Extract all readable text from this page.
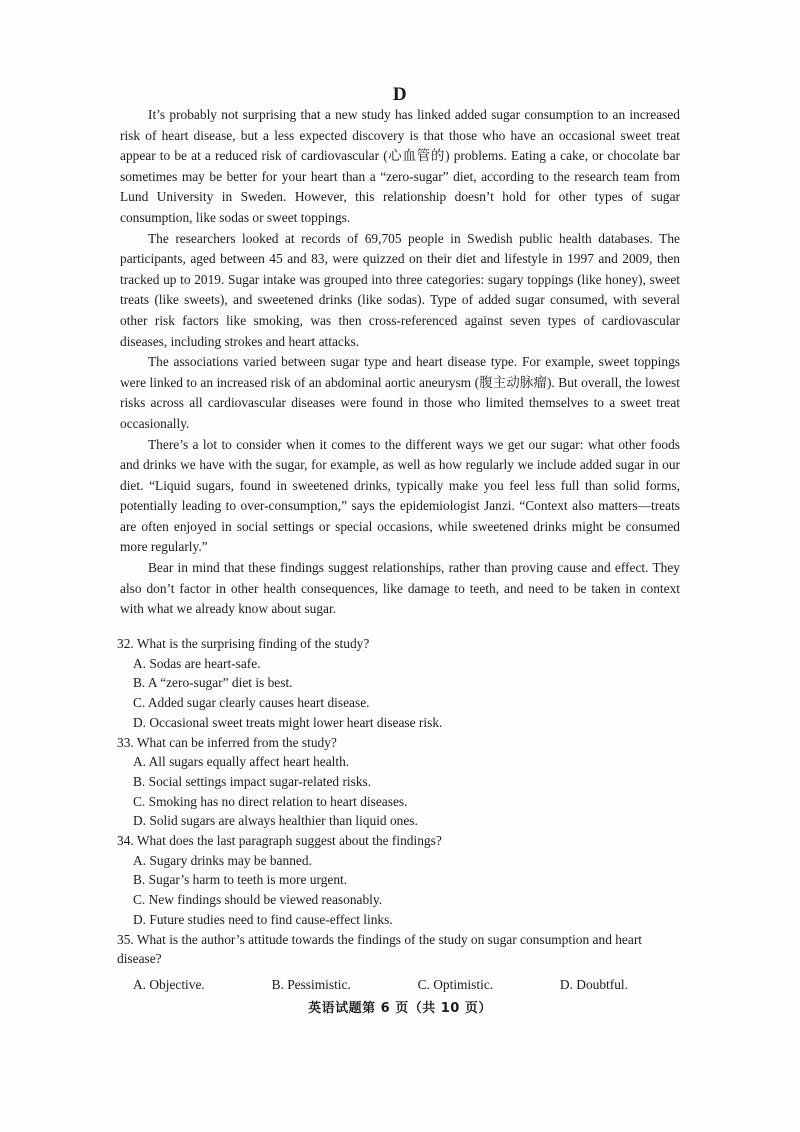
D

It’s probably not surprising that a new study has linked added sugar consumption to an increased risk of heart disease, but a less expected discovery is that those who have an occasional sweet treat appear to be at a reduced risk of cardiovascular (心血管的) problems. Eating a cake, or chocolate bar sometimes may be better for your heart than a “zero-sugar” diet, according to the research team from Lund University in Sweden. However, this relationship doesn’t hold for other types of sugar consumption, like sodas or sweet toppings.

The researchers looked at records of 69,705 people in Swedish public health databases. The participants, aged between 45 and 83, were quizzed on their diet and lifestyle in 1997 and 2009, then tracked up to 2019. Sugar intake was grouped into three categories: sugary toppings (like honey), sweet treats (like sweets), and sweetened drinks (like sodas). Type of added sugar consumed, with several other risk factors like smoking, was then cross-referenced against seven types of cardiovascular diseases, including strokes and heart attacks.

The associations varied between sugar type and heart disease type. For example, sweet toppings were linked to an increased risk of an abdominal aortic aneurysm (腹主动脉瘤). But overall, the lowest risks across all cardiovascular diseases were found in those who limited themselves to a sweet treat occasionally.

There’s a lot to consider when it comes to the different ways we get our sugar: what other foods and drinks we have with the sugar, for example, as well as how regularly we include added sugar in our diet. “Liquid sugars, found in sweetened drinks, typically make you feel less full than solid forms, potentially leading to over-consumption,” says the epidemiologist Janzi. “Context also matters—treats are often enjoyed in social settings or special occasions, while sweetened drinks might be consumed more regularly.”

Bear in mind that these findings suggest relationships, rather than proving cause and effect. They also don’t factor in other health consequences, like damage to teeth, and need to be taken in context with what we already know about sugar.

32. What is the surprising finding of the study?
A. Sodas are heart-safe.
B. A “zero-sugar” diet is best.
C. Added sugar clearly causes heart disease.
D. Occasional sweet treats might lower heart disease risk.
33. What can be inferred from the study?
A. All sugars equally affect heart health.
B. Social settings impact sugar-related risks.
C. Smoking has no direct relation to heart diseases.
D. Solid sugars are always healthier than liquid ones.
34. What does the last paragraph suggest about the findings?
A. Sugary drinks may be banned.
B. Sugar’s harm to teeth is more urgent.
C. New findings should be viewed reasonably.
D. Future studies need to find cause-effect links.
35. What is the author’s attitude towards the findings of the study on sugar consumption and heart disease?
A. Objective.	B. Pessimistic.	C. Optimistic.	D. Doubtful.
英语试题第 6 页（共 10 页）
